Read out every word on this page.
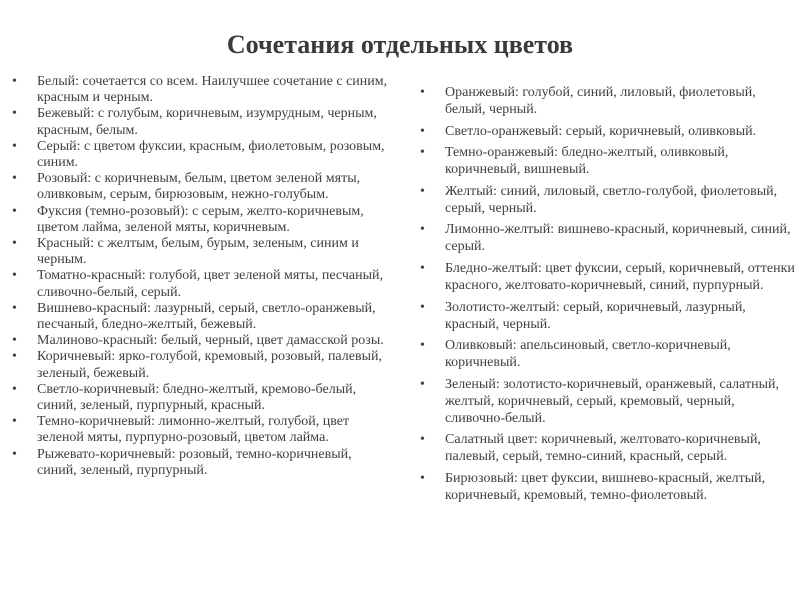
Сочетания отдельных цветов
• Белый: сочетается со всем. Наилучшее сочетание с синим, красным и черным.
• Бежевый: с голубым, коричневым, изумрудным, черным, красным, белым.
• Серый: с цветом фуксии, красным, фиолетовым, розовым, синим.
• Розовый: с коричневым, белым, цветом зеленой мяты, оливковым, серым, бирюзовым, нежно-голубым.
• Фуксия (темно-розовый): с серым, желто-коричневым, цветом лайма, зеленой мяты, коричневым.
• Красный: с желтым, белым, бурым, зеленым, синим и черным.
• Томатно-красный: голубой, цвет зеленой мяты, песчаный, сливочно-белый, серый.
• Вишнево-красный: лазурный, серый, светло-оранжевый, песчаный, бледно-желтый, бежевый.
• Малиново-красный: белый, черный, цвет дамасской розы.
• Коричневый: ярко-голубой, кремовый, розовый, палевый, зеленый, бежевый.
• Светло-коричневый: бледно-желтый, кремово-белый, синий, зеленый, пурпурный, красный.
• Темно-коричневый: лимонно-желтый, голубой, цвет зеленой мяты, пурпурно-розовый, цветом лайма.
• Рыжевато-коричневый: розовый, темно-коричневый, синий, зеленый, пурпурный.
• Оранжевый: голубой, синий, лиловый, фиолетовый, белый, черный.
• Светло-оранжевый: серый, коричневый, оливковый.
• Темно-оранжевый: бледно-желтый, оливковый, коричневый, вишневый.
• Желтый: синий, лиловый, светло-голубой, фиолетовый, серый, черный.
• Лимонно-желтый: вишнево-красный, коричневый, синий, серый.
• Бледно-желтый: цвет фуксии, серый, коричневый, оттенки красного, желтовато-коричневый, синий, пурпурный.
• Золотисто-желтый: серый, коричневый, лазурный, красный, черный.
• Оливковый: апельсиновый, светло-коричневый, коричневый.
• Зеленый: золотисто-коричневый, оранжевый, салатный, желтый, коричневый, серый, кремовый, черный, сливочно-белый.
• Салатный цвет: коричневый, желтовато-коричневый, палевый, серый, темно-синий, красный, серый.
• Бирюзовый: цвет фуксии, вишнево-красный, желтый, коричневый, кремовый, темно-фиолетовый.
